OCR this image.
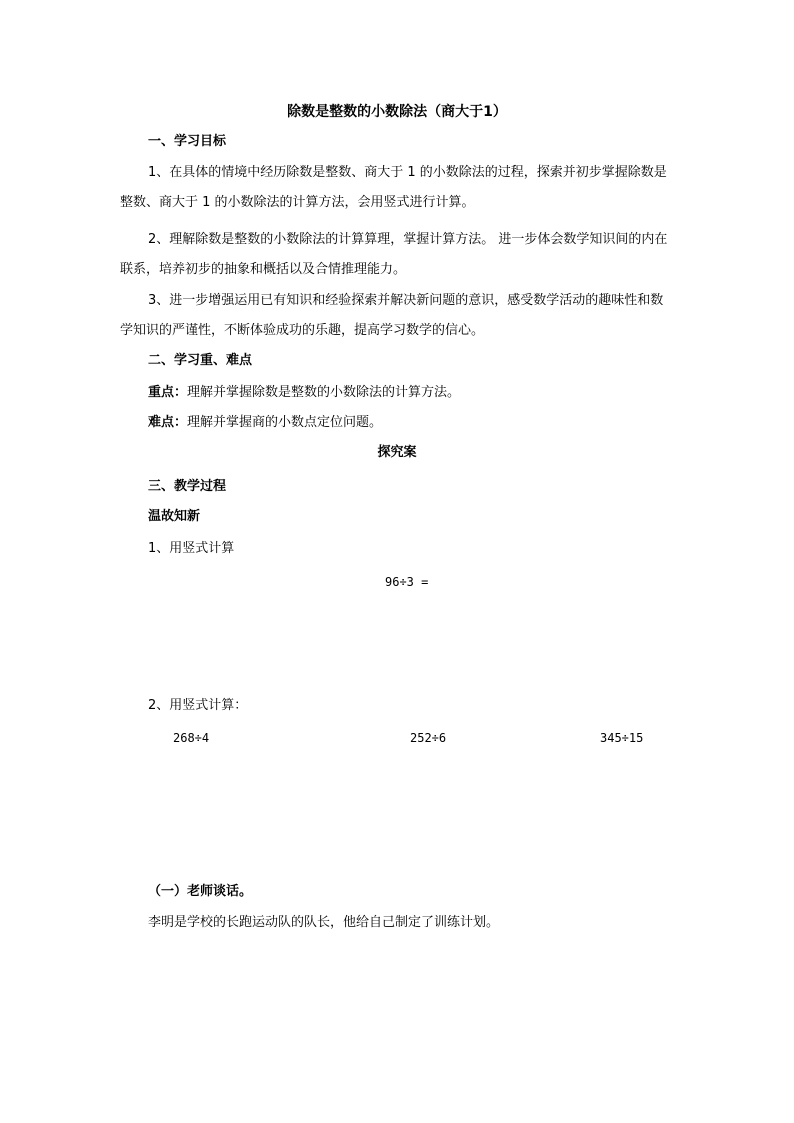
除数是整数的小数除法（商大于1）
一、学习目标
1、在具体的情境中经历除数是整数、商大于 1 的小数除法的过程，探索并初步掌握除数是整数、商大于 1 的小数除法的计算方法，会用竖式进行计算。
2、理解除数是整数的小数除法的计算算理，掌握计算方法。 进一步体会数学知识间的内在联系，培养初步的抽象和概括以及合情推理能力。
3、进一步增强运用已有知识和经验探索并解决新问题的意识，感受数学活动的趣味性和数学知识的严谨性，不断体验成功的乐趣，提高学习数学的信心。
二、学习重、难点
重点：理解并掌握除数是整数的小数除法的计算方法。
难点：理解并掌握商的小数点定位问题。
探究案
三、教学过程
温故知新
1、用竖式计算
96÷3 =
2、用竖式计算：
268÷4	252÷6	345÷15
（一）老师谈话。
李明是学校的长跑运动队的队长，他给自己制定了训练计划。
